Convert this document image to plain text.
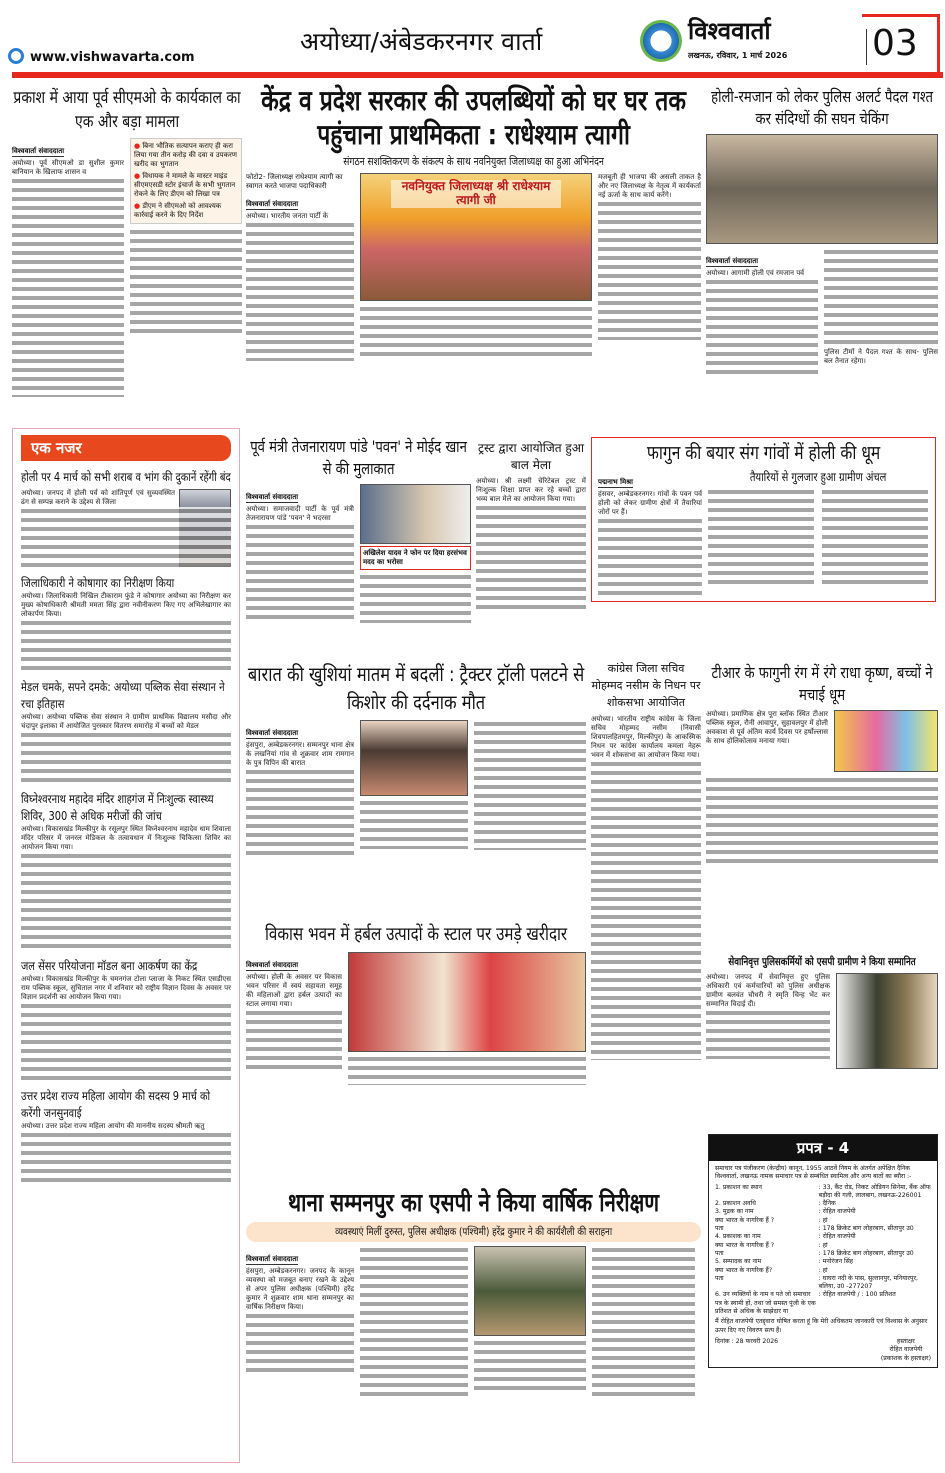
www.vishwavarta.com
अयोध्या/अंबेडकरनगर वार्ता	विश्ववार्ता
लखनऊ, रविवार, 1 मार्च 2026 03
प्रकाश में आया पूर्व सीएमओ के कार्यकाल का एक और बड़ा मामला
विश्ववार्ता संवाददाता
अयोध्या। पूर्व सीएमओ डा सुशील कुमार बानियान के खिलाफ शासन व
● बिना भौतिक सत्यापन कराए ही करा लिया गया तीन करोड़ की दवा व उपकरण खरीद का भुगतान
● विधायक ने मामले के मास्टर माइंड सीएमएसडी स्टोर इंचार्ज के सभी भुगतान रोकने के लिए डीएम को लिखा पत्र
● डीएम ने सीएमओ को आवश्यक कार्रवाई करने के दिए निर्देश
केंद्र व प्रदेश सरकार की उपलब्धियों को घर घर तक पहुंचाना प्राथमिकता : राधेश्याम त्यागी
संगठन सशक्तिकरण के संकल्प के साथ नवनियुक्त जिलाध्यक्ष का हुआ अभिनंदन
फोटो2- जिलाध्यक्ष राधेश्याम त्यागी का स्वागत करते भाजपा पदाधिकारी
विश्ववार्ता संवाददाता
अयोध्या। भारतीय जनता पार्टी के
नवनियुक्त जिलाध्यक्ष श्री राधेश्याम त्यागी जी
मजबूती ही भाजपा की असली ताकत है और नए जिलाध्यक्ष के नेतृत्व में कार्यकर्ता नई ऊर्जा के साथ कार्य करेंगे।
होली-रमजान को लेकर पुलिस अलर्ट पैदल गश्त कर संदिग्धों की सघन चेकिंग
विश्ववार्ता संवाददाता
अयोध्या। आगामी होली एवं रमजान पर्व
पुलिस टीमों ने पैदल गश्त के साथ- पुलिस बल तैनात रहेगा।
एक नजर
होली पर 4 मार्च को सभी शराब व भांग की दुकानें रहेंगी बंद
अयोध्या। जनपद में होली पर्व को शांतिपूर्ण एवं सुव्यवस्थित ढंग से सम्पन्न कराने के उद्देश्य से जिला
जिलाधिकारी ने कोषागार का निरीक्षण किया
अयोध्या। जिलाधिकारी निखिल टीकाराम फुंडे ने कोषागार अयोध्या का निरीक्षण कर मुख्य कोषाधिकारी श्रीमती ममता सिंह द्वारा नवीनीकरण किए गए अभिलेखागार का लोकार्पण किया।
मेडल चमके, सपने दमके: अयोध्या पब्लिक सेवा संस्थान ने रचा इतिहास
अयोध्या। अयोध्या पब्लिक सेवा संस्थान ने ग्रामीण प्राथमिक विद्यालय मसौदा और चंदापुर इलाका में आयोजित पुरस्कार वितरण समारोह में बच्चों को मेडल
विघ्नेश्वरनाथ महादेव मंदिर शाहगंज में निःशुल्क स्वास्थ्य शिविर, 300 से अधिक मरीजों की जांच
अयोध्या। विकासखंड मिल्कीपुर के रसूलपुर स्थित विघ्नेश्वरनाथ महादेव धाम शिवाला मंदिर परिसर में जनरल मेडिकल के तत्वावधान में निःशुल्क चिकित्सा शिविर का आयोजन किया गया।
जल सेंसर परियोजना मॉडल बना आकर्षण का केंद्र
अयोध्या। विकासखंड मिल्कीपुर के चमनगंज टोला प्लाजा के निकट स्थित एसडीएस राम पब्लिक स्कूल, सुचिताल नगर में शनिवार को राष्ट्रीय विज्ञान दिवस के अवसर पर विज्ञान प्रदर्शनी का आयोजन किया गया।
उत्तर प्रदेश राज्य महिला आयोग की सदस्य 9 मार्च को करेंगी जनसुनवाई
अयोध्या। उत्तर प्रदेश राज्य महिला आयोग की माननीय सदस्य श्रीमती ऋतु
पूर्व मंत्री तेजनारायण पांडे 'पवन' ने मोईद खान से की मुलाकात
विश्ववार्ता संवाददाता
अयोध्या। समाजवादी पार्टी के पूर्व मंत्री तेजनारायण पांडे 'पवन' ने भदरसा
अखिलेश यादव ने फोन पर दिया हरसंभव मदद का भरोसा
ट्रस्ट द्वारा आयोजित हुआ बाल मेला
अयोध्या। श्री लक्ष्मी चेरिटेबल ट्रस्ट में निःशुल्क शिक्षा प्राप्त कर रहे बच्चों द्वारा भव्य बाल मेले का आयोजन किया गया।
फागुन की बयार संग गांवों में होली की धूम
पद्मनाभ मिश्रा
हंसवर, अम्बेडकरनगर। गांवों के पवन पर्व होली को लेकर ग्रामीण क्षेत्रों में तैयारियां जोरों पर हैं।
तैयारियों से गुलजार हुआ ग्रामीण अंचल
बारात की खुशियां मातम में बदलीं : ट्रैक्टर ट्रॉली पलटने से किशोर की दर्दनाक मौत
विश्ववार्ता संवाददाता
हंसपुरा, अम्बेडकरनगर। सम्मनपुर थाना क्षेत्र के लखनियां गांव से शुक्रवार शाम रामगान के पुत्र विपिन की बारात
कांग्रेस जिला सचिव मोहम्मद नसीम के निधन पर शोकसभा आयोजित
अयोध्या। भारतीय राष्ट्रीय कांग्रेस के जिला सचिव मोहम्मद नसीम (निवासी शिवपालहितमपुर, मिल्कीपुर) के आकस्मिक निधन पर कांग्रेस कार्यालय कमला नेहरू भवन में शोकसभा का आयोजन किया गया।
टीआर के फागुनी रंग में रंगे राधा कृष्ण, बच्चों ने मचाई धूम
अयोध्या। प्रमाणिक क्षेत्र पूरा ब्लॉक स्थित टीआर पब्लिक स्कूल, रौनी आवापुर, सुहावलपुर में होली अवकाश से पूर्व अंतिम कार्य दिवस पर हर्षोल्लास के साथ होलिकोत्सव मनाया गया।
सेवानिवृत्त पुलिसकर्मियों को एसपी ग्रामीण ने किया सम्मानित
अयोध्या। जनपद में सेवानिवृत्त हुए पुलिस अधिकारी एवं कर्मचारियों को पुलिस अधीक्षक ग्रामीण बलवंत चौधरी ने स्मृति चिन्ह भेंट कर सम्मानित विदाई दी।
विकास भवन में हर्बल उत्पादों के स्टाल पर उमड़े खरीदार
विश्ववार्ता संवाददाता
अयोध्या। होली के अवसर पर विकास भवन परिसर में स्वयं सहायता समूह की महिलाओं द्वारा हर्बल उत्पादों का स्टाल लगाया गया।
प्रपत्र - 4
समाचार पत्र पंजीकरण (केन्द्रीय) कानून, 1955 आठवें नियम के अंतर्गत अपेक्षित दैनिक विश्ववार्ता, लखनऊ नामक समाचार पत्र से सम्बंधित स्वामित्व और अन्य बातों का ब्यौरा :-
1. प्रकाशन का स्थान	: 33, कैंट रोड, निकट ओडियन सिनेमा, बैंक ऑफ बड़ौदा की गली, लालबाग, लखनऊ-226001
2. प्रकाशन अवधि	: दैनिक
3. मुद्रक का नाम	: रोहित वाजपेयी
क्या भारत के नागरिक हैं ?	: हां
पता	: 178 क्रिकेट बाग लोहरबाग, सीतापुर उ0
4. प्रकाशक का नाम	: रोहित वाजपेयी
क्या भारत के नागरिक हैं ?	: हां
पता	: 178 क्रिकेट बाग लोहरबाग, सीतापुर उ0
5. सम्पादक का नाम	: मनोरंजन सिंह
क्या भारत के नागरिक हैं?	: हां
पता	: घाघरा नदी के पास, सुल्तानपुर, मनियारपुर, बलिया, उ0 -277207
6. उन व्यक्तियों के नाम व पते जो समाचार पत्र के स्वामी हों, तथा जो समस्त पूंजी के एक प्रतिशत से अधिक के साझेदार या
: रोहित वाजपेयी / : 100 प्रतिशत
मैं रोहित वाजपेयी एतद्द्वारा घोषित करता हूं कि मेरी अधिकतम जानकारी एवं विश्वास के अनुसार ऊपर दिए गए विवरण सत्य हैं।
दिनांक : 28 फरवरी 2026	हस्ताक्षर
रोहित वाजपेयी
(प्रकाशक के हस्ताक्षर)
थाना सम्मनपुर का एसपी ने किया वार्षिक निरीक्षण
व्यवस्थाएं मिलीं दुरुस्त, पुलिस अधीक्षक (पश्चिमी) हरेंद्र कुमार ने की कार्यशैली की सराहना
विश्ववार्ता संवाददाता
हंसपुरा, अम्बेडकरनगर। जनपद के कानून व्यवस्था को मजबूत बनाए रखने के उद्देश्य से अपर पुलिस अधीक्षक (पश्चिमी) हरेंद्र कुमार ने शुक्रवार शाम थाना सम्मनपुर का वार्षिक निरीक्षण किया।
